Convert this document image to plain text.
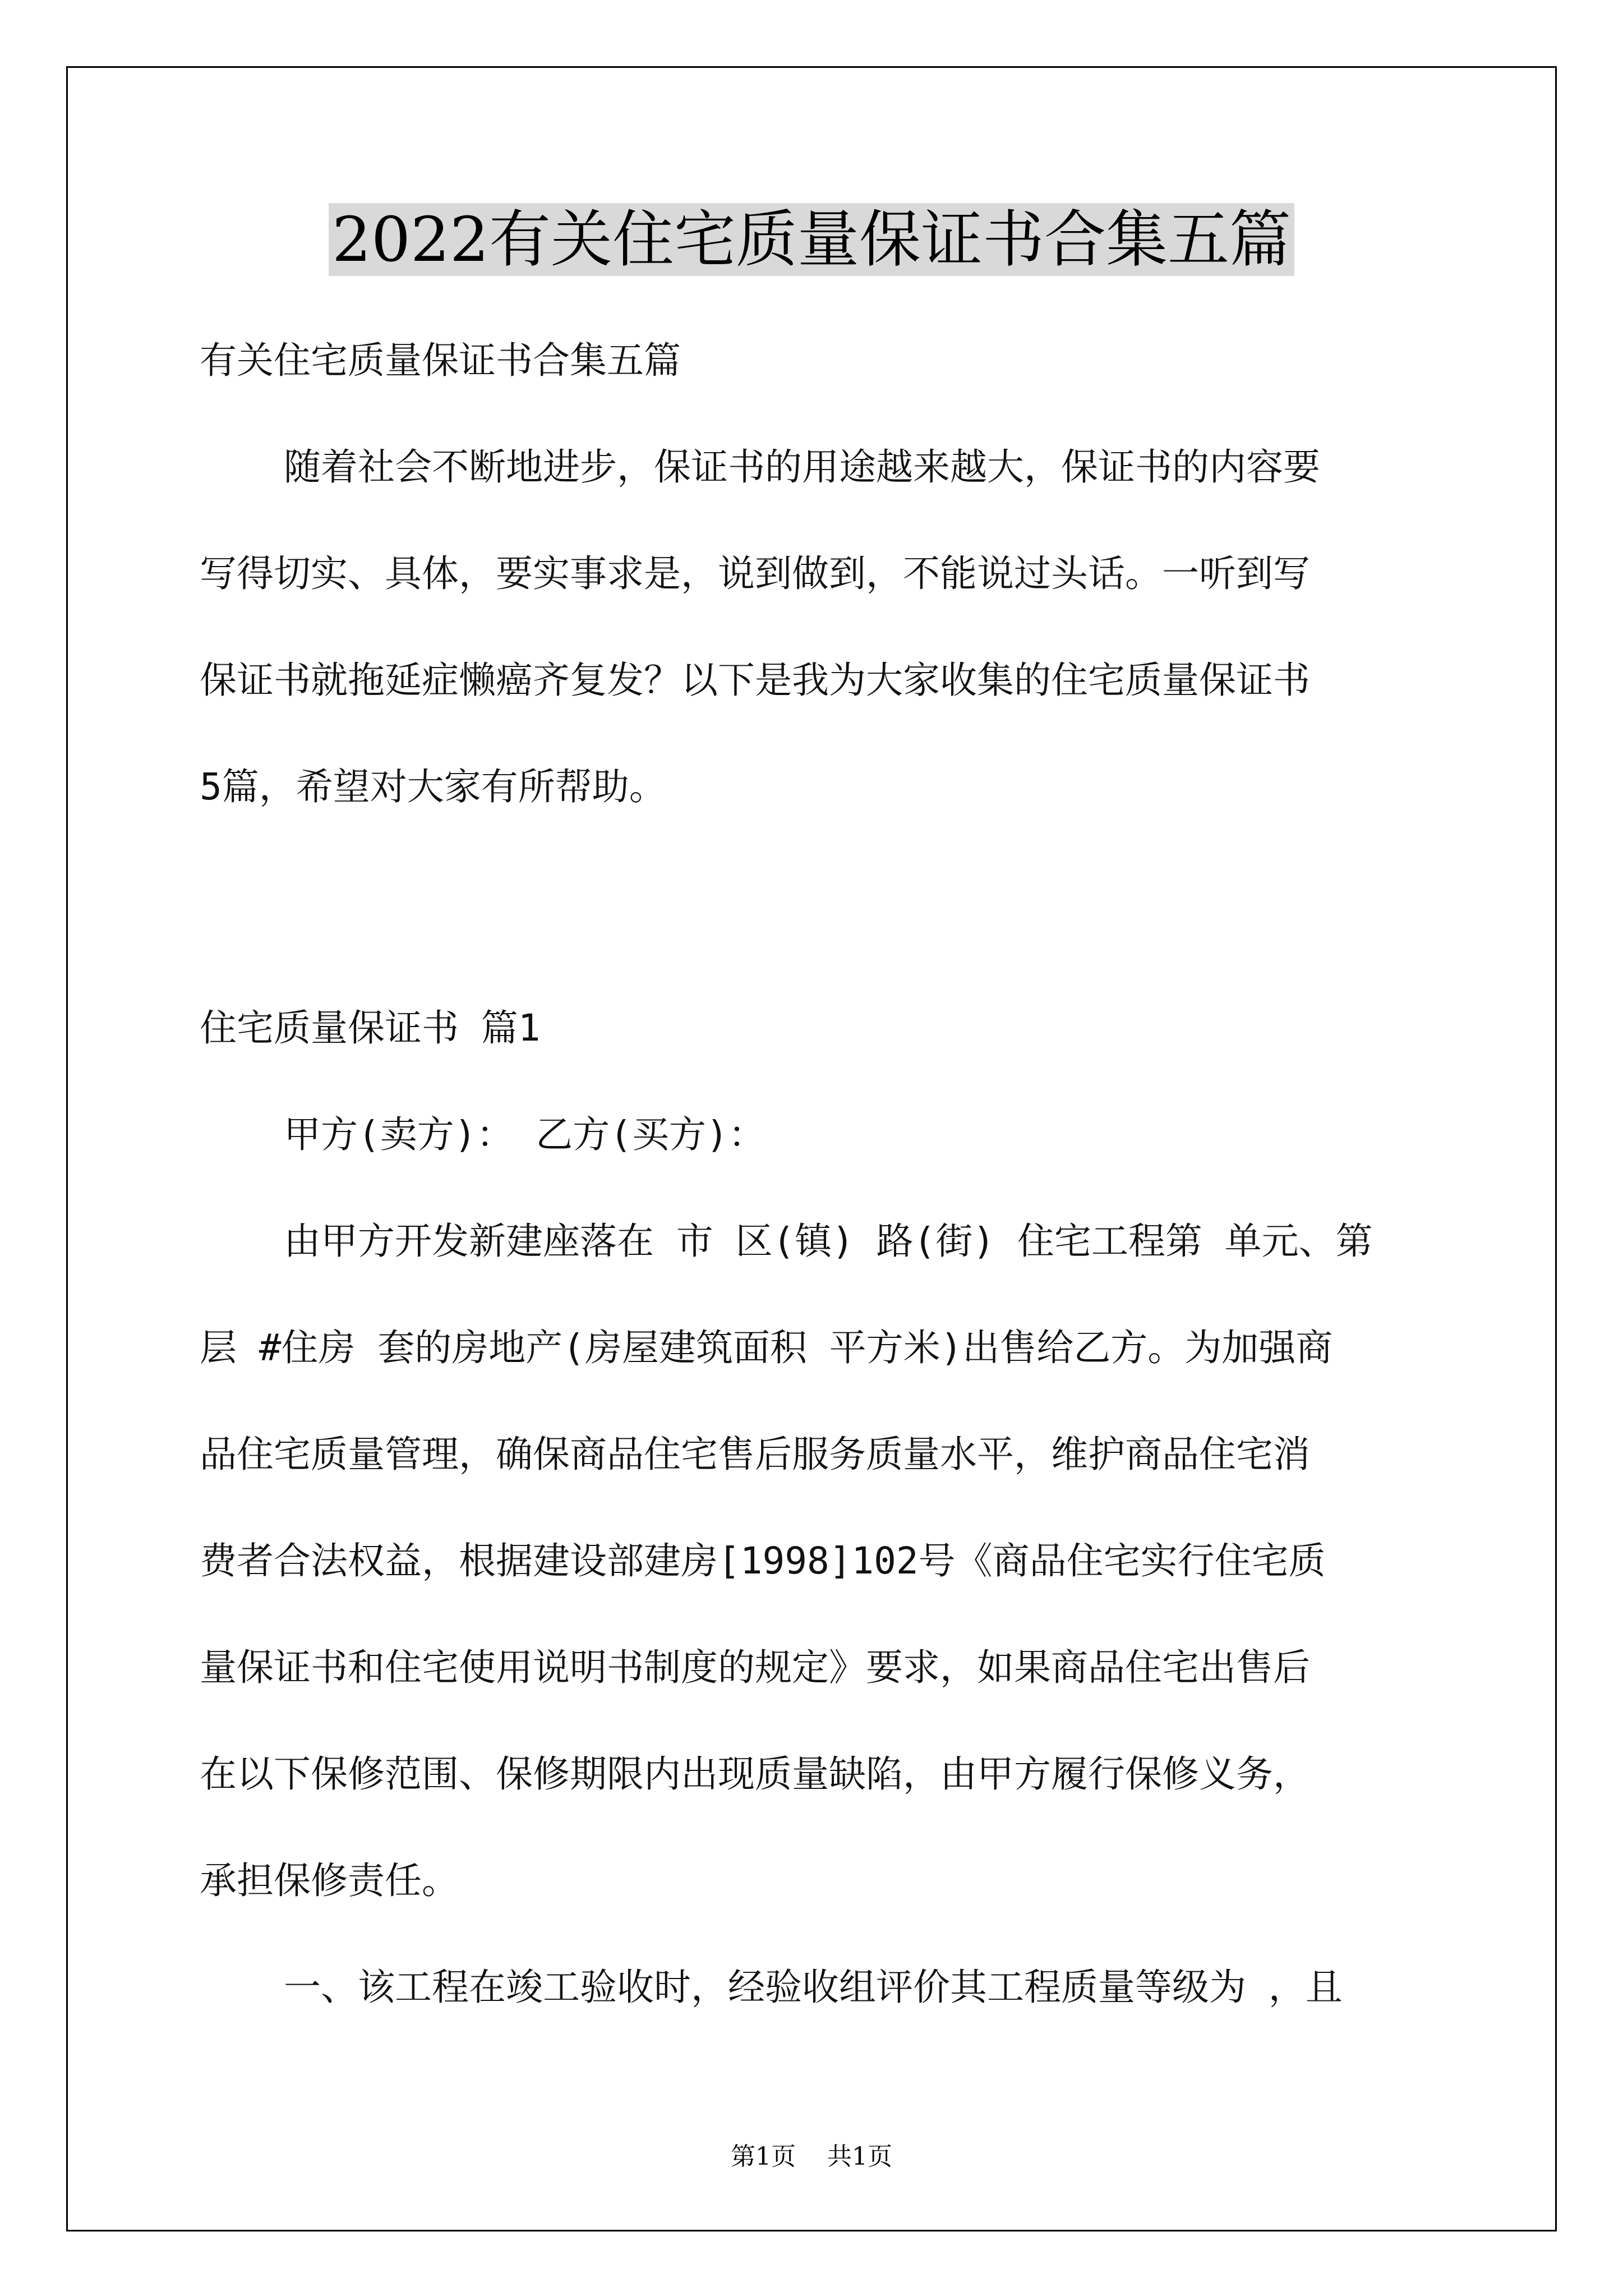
2022有关住宅质量保证书合集五篇
有关住宅质量保证书合集五篇
随着社会不断地进步，保证书的用途越来越大，保证书的内容要
写得切实、具体，要实事求是，说到做到，不能说过头话。一听到写
保证书就拖延症懒癌齐复发？以下是我为大家收集的住宅质量保证书
5篇，希望对大家有所帮助。
住宅质量保证书 篇1
甲方(卖方)： 乙方(买方)：
由甲方开发新建座落在 市 区(镇) 路(街) 住宅工程第 单元、第
层 #住房 套的房地产(房屋建筑面积 平方米)出售给乙方。为加强商
品住宅质量管理，确保商品住宅售后服务质量水平，维护商品住宅消
费者合法权益，根据建设部建房[1998]102号《商品住宅实行住宅质
量保证书和住宅使用说明书制度的规定》要求，如果商品住宅出售后
在以下保修范围、保修期限内出现质量缺陷，由甲方履行保修义务，
承担保修责任。
一、该工程在竣工验收时，经验收组评价其工程质量等级为 ，且
第1页 共1页
